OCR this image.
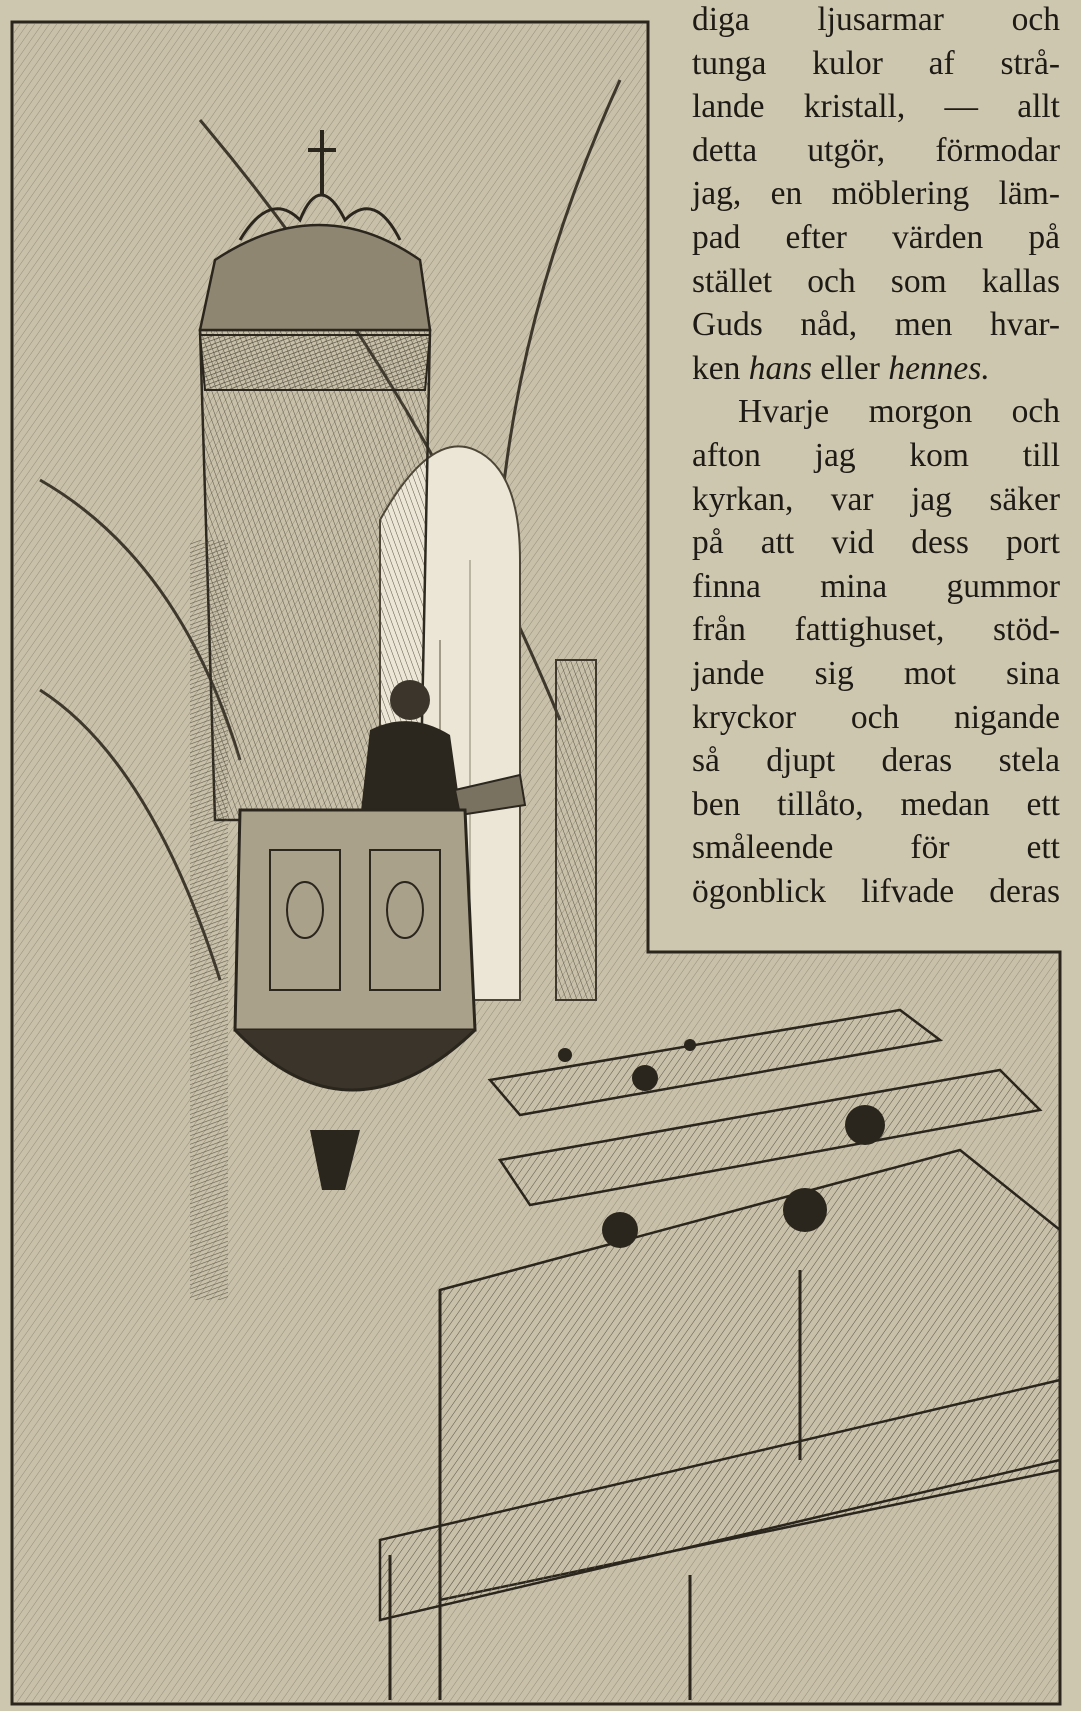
diga ljusarmar och
tunga kulor af strå-
lande kristall, — allt
detta utgör, förmodar
jag, en möblering läm-
pad efter värden på
stället och som kallas
Guds nåd, men hvar-
ken hans eller hennes.
Hvarje morgon och
afton jag kom till
kyrkan, var jag säker
på att vid dess port
finna mina gummor
från fattighuset, stöd-
jande sig mot sina
kryckor och nigande
så djupt deras stela
ben tillåto, medan ett
småleende för ett
ögonblick lifvade deras
